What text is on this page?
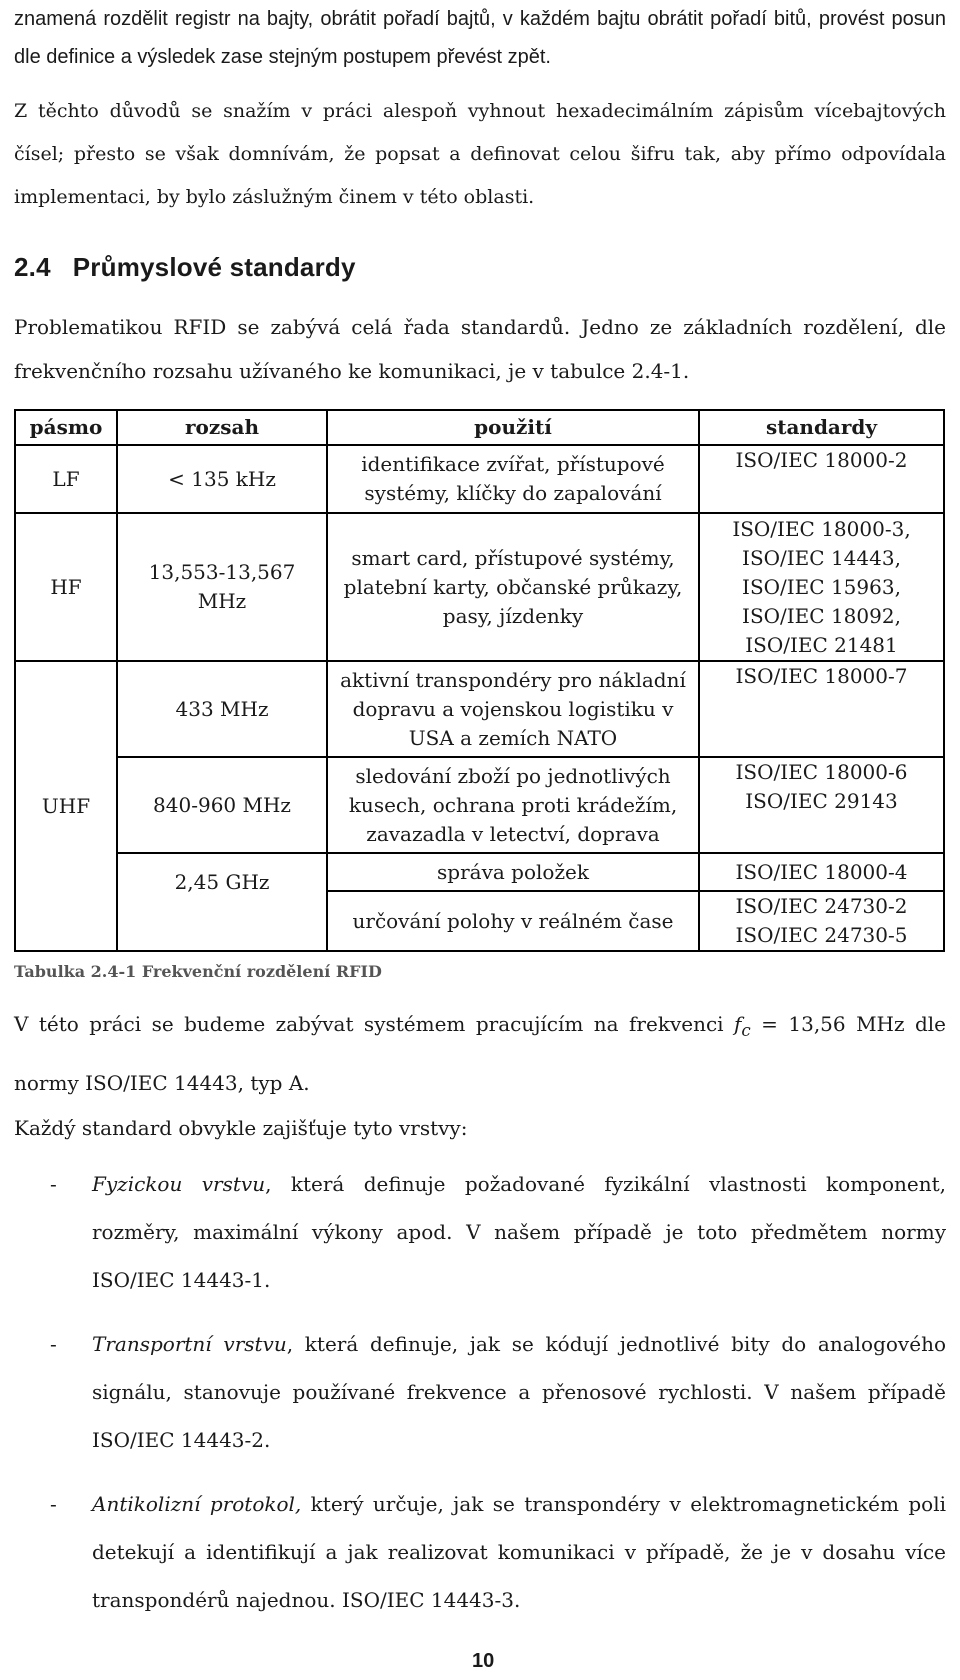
znamená rozdělit registr na bajty, obrátit pořadí bajtů, v každém bajtu obrátit pořadí bitů, provést posun dle definice a výsledek zase stejným postupem převést zpět.

Z těchto důvodů se snažím v práci alespoň vyhnout hexadecimálním zápisům vícebajtových čísel; přesto se však domnívám, že popsat a definovat celou šifru tak, aby přímo odpovídala implementaci, by bylo záslužným činem v této oblasti.

2.4 Průmyslové standardy

Problematikou RFID se zabývá celá řada standardů. Jedno ze základních rozdělení, dle frekvenčního rozsahu užívaného ke komunikaci, je v tabulce 2.4-1.

pásmo	rozsah	použití	standardy
LF	< 135 kHz	identifikace zvířat, přístupové systémy, klíčky do zapalování	ISO/IEC 18000-2
HF	13,553-13,567 MHz	smart card, přístupové systémy, platební karty, občanské průkazy, pasy, jízdenky	ISO/IEC 18000-3,
ISO/IEC 14443,
ISO/IEC 15963,
ISO/IEC 18092,
ISO/IEC 21481

UHF	433 MHz	aktivní transpondéry pro nákladní dopravu a vojenskou logistiku v USA a zemích NATO	ISO/IEC 18000-7
	840-960 MHz	sledování zboží po jednotlivých kusech, ochrana proti krádežím, zavazadla v letectví, doprava	ISO/IEC 18000-6
ISO/IEC 29143

	2,45 GHz	správa položek	ISO/IEC 18000-4
		určování polohy v reálném čase	ISO/IEC 24730-2
ISO/IEC 24730-5
Tabulka 2.4-1 Frekvenční rozdělení RFID

V této práci se budeme zabývat systémem pracujícím na frekvenci $f_c = 13,56$ MHz dle normy ISO/IEC 14443, typ A.

Každý standard obvykle zajišťuje tyto vrstvy:

- Fyzickou vrstvu, která definuje požadované fyzikální vlastnosti komponent, rozměry, maximální výkony apod. V našem případě je toto předmětem normy ISO/IEC 14443-1.
- Transportní vrstvu, která definuje, jak se kódují jednotlivé bity do analogového signálu, stanovuje používané frekvence a přenosové rychlosti. V našem případě ISO/IEC 14443-2.
- Antikolizní protokol, který určuje, jak se transpondéry v elektromagnetickém poli detekují a identifikují a jak realizovat komunikaci v případě, že je v dosahu více transpondérů najednou. ISO/IEC 14443-3.
10
